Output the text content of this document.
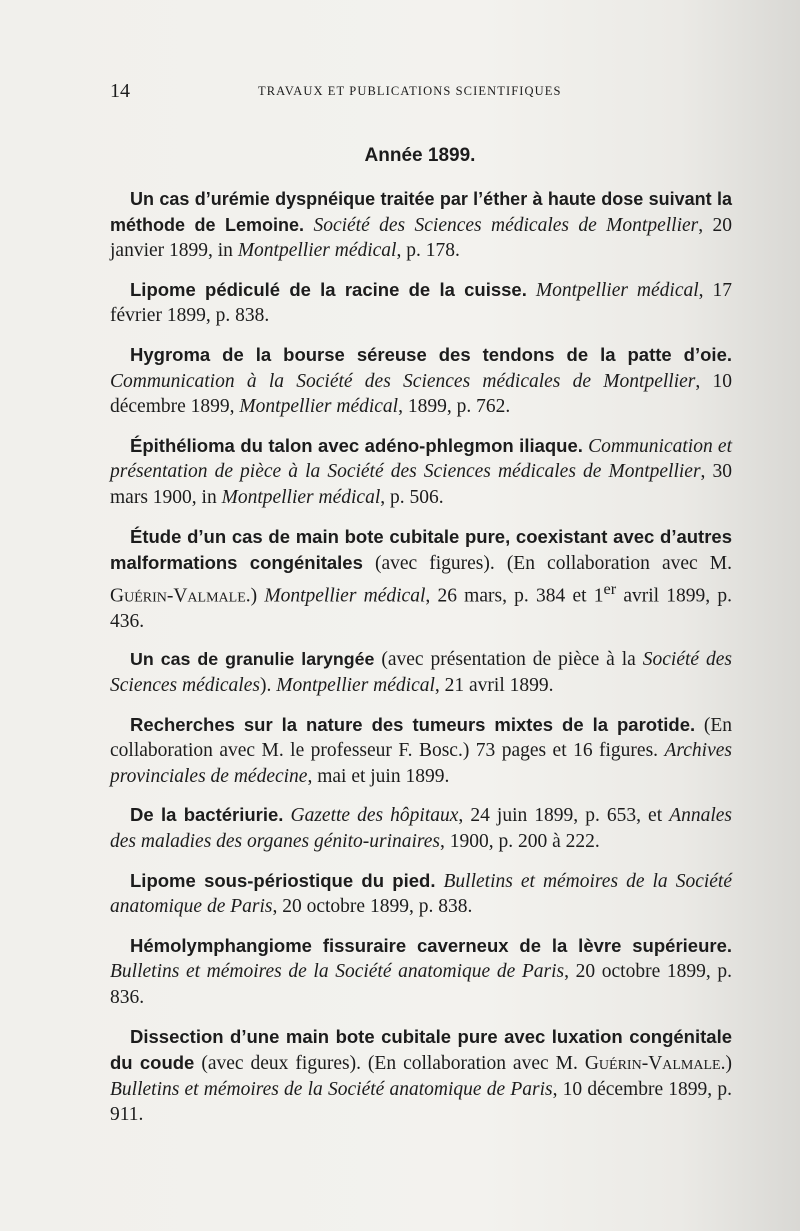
14	TRAVAUX ET PUBLICATIONS SCIENTIFIQUES
Année 1899.

Un cas d’urémie dyspnéique traitée par l’éther à haute dose suivant la méthode de Lemoine. Société des Sciences médicales de Montpellier, 20 janvier 1899, in Montpellier médical, p. 178.

Lipome pédiculé de la racine de la cuisse. Montpellier médical, 17 février 1899, p. 838.

Hygroma de la bourse séreuse des tendons de la patte d’oie. Communication à la Société des Sciences médicales de Montpellier, 10 décembre 1899, Montpellier médical, 1899, p. 762.

Épithélioma du talon avec adéno-phlegmon iliaque. Communication et présentation de pièce à la Société des Sciences médicales de Montpellier, 30 mars 1900, in Montpellier médical, p. 506.

Étude d’un cas de main bote cubitale pure, coexistant avec d’autres malformations congénitales (avec figures). (En collaboration avec M. Guérin-Valmale.) Montpellier médical, 26 mars, p. 384 et 1er avril 1899, p. 436.

Un cas de granulie laryngée (avec présentation de pièce à la Société des Sciences médicales). Montpellier médical, 21 avril 1899.

Recherches sur la nature des tumeurs mixtes de la parotide. (En collaboration avec M. le professeur F. Bosc.) 73 pages et 16 figures. Archives provinciales de médecine, mai et juin 1899.

De la bactériurie. Gazette des hôpitaux, 24 juin 1899, p. 653, et Annales des maladies des organes génito-urinaires, 1900, p. 200 à 222.

Lipome sous-périostique du pied. Bulletins et mémoires de la Société anatomique de Paris, 20 octobre 1899, p. 838.

Hémolymphangiome fissuraire caverneux de la lèvre supérieure. Bulletins et mémoires de la Société anatomique de Paris, 20 octobre 1899, p. 836.

Dissection d’une main bote cubitale pure avec luxation congénitale du coude (avec deux figures). (En collaboration avec M. Guérin-Valmale.) Bulletins et mémoires de la Société anatomique de Paris, 10 décembre 1899, p. 911.
